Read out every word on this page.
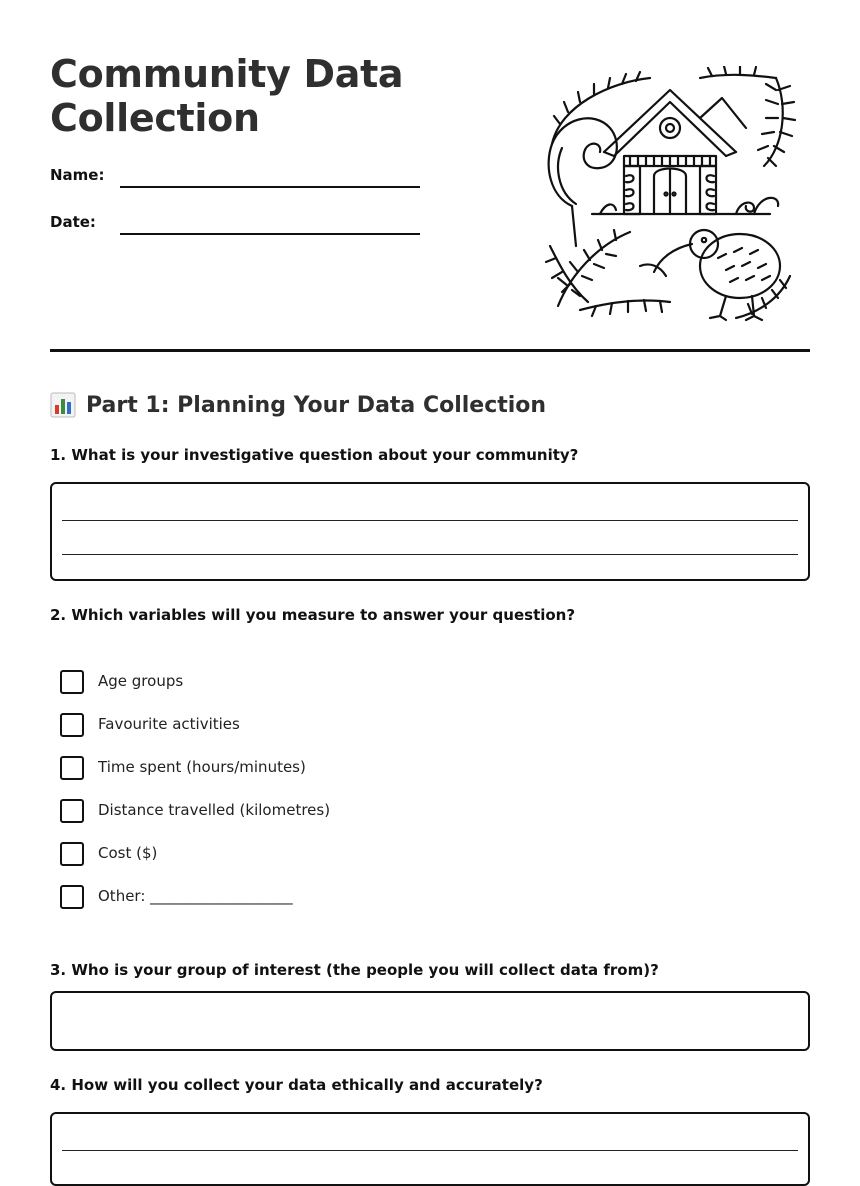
Community Data Collection
Name:
Date:
Part 1: Planning Your Data Collection
1. What is your investigative question about your community?
2. Which variables will you measure to answer your question?
Age groups
Favourite activities
Time spent (hours/minutes)
Distance travelled (kilometres)
Cost ($)
Other: ___________________
3. Who is your group of interest (the people you will collect data from)?
4. How will you collect your data ethically and accurately?
